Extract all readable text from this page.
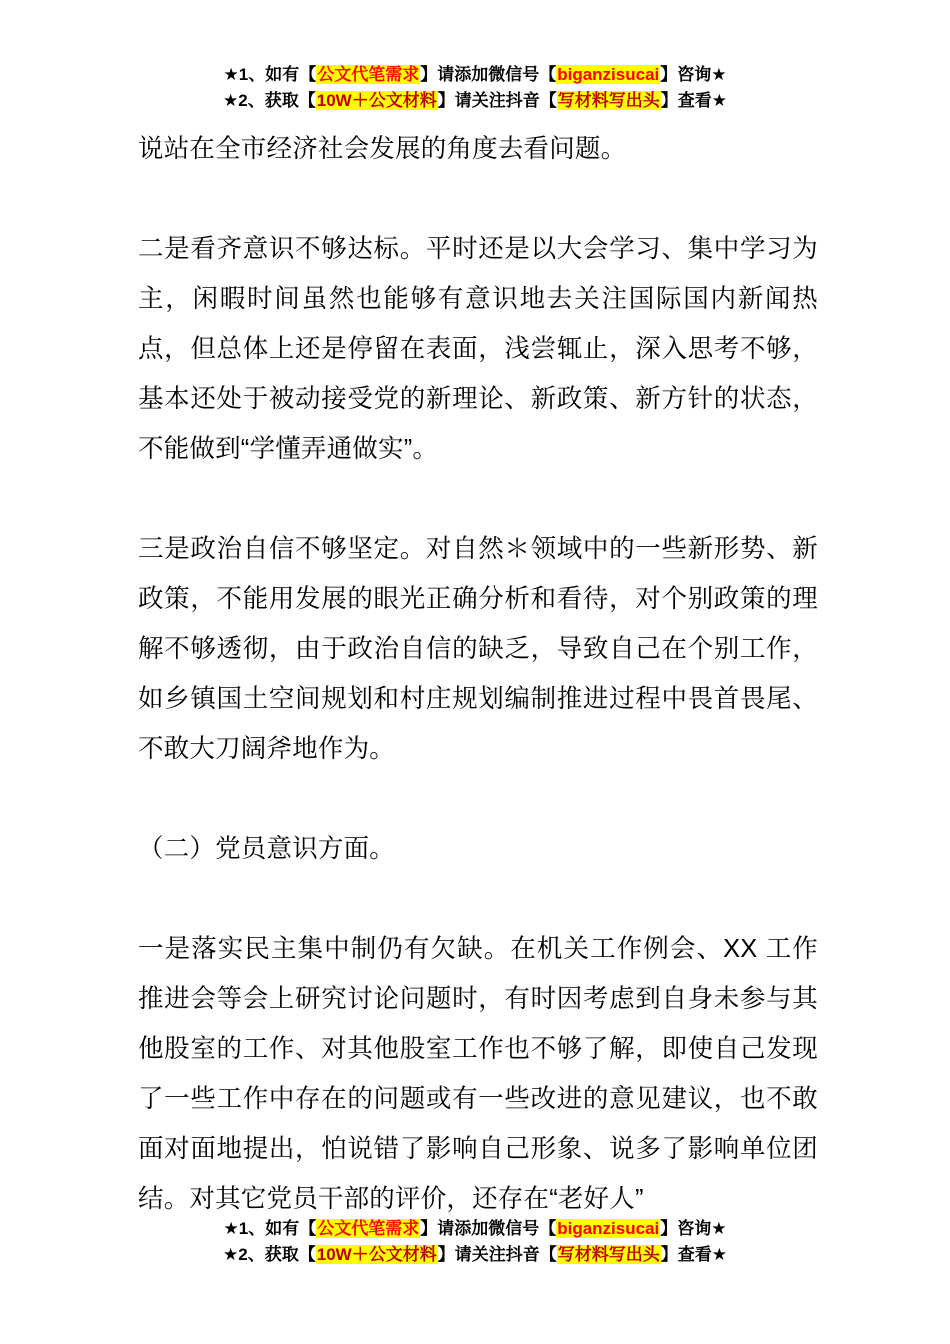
★1、如有【公文代笔需求】请添加微信号【biganzisucai】咨询★
★2、获取【10W＋公文材料】请关注抖音【写材料写出头】查看★

说站在全市经济社会发展的角度去看问题。

二是看齐意识不够达标。平时还是以大会学习、集中学习为主，闲暇时间虽然也能够有意识地去关注国际国内新闻热点，但总体上还是停留在表面，浅尝辄止，深入思考不够，基本还处于被动接受党的新理论、新政策、新方针的状态，不能做到“学懂弄通做实”。

三是政治自信不够坚定。对自然＊领域中的一些新形势、新政策，不能用发展的眼光正确分析和看待，对个别政策的理解不够透彻，由于政治自信的缺乏，导致自己在个别工作，如乡镇国土空间规划和村庄规划编制推进过程中畏首畏尾、不敢大刀阔斧地作为。

（二）党员意识方面。

一是落实民主集中制仍有欠缺。在机关工作例会、XX 工作推进会等会上研究讨论问题时，有时因考虑到自身未参与其他股室的工作、对其他股室工作也不够了解，即使自己发现了一些工作中存在的问题或有一些改进的意见建议，也不敢面对面地提出，怕说错了影响自己形象、说多了影响单位团结。对其它党员干部的评价，还存在“老好人”

★1、如有【公文代笔需求】请添加微信号【biganzisucai】咨询★
★2、获取【10W＋公文材料】请关注抖音【写材料写出头】查看★
